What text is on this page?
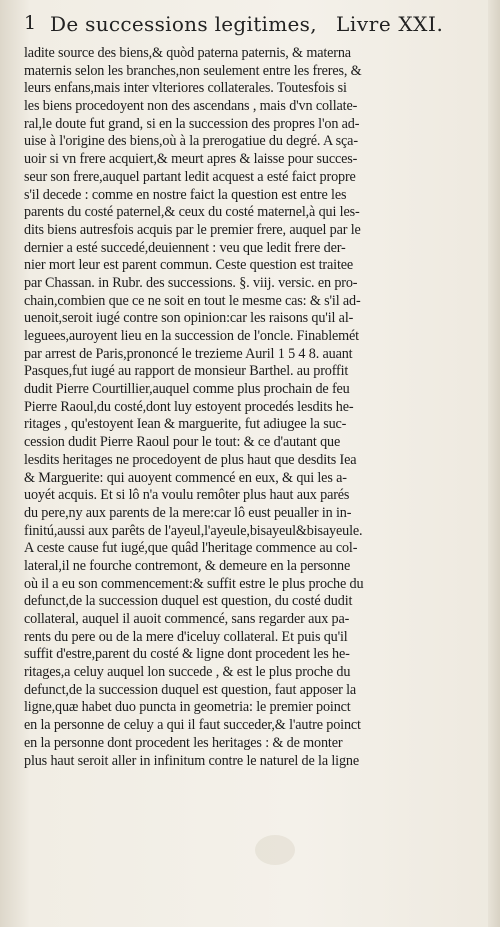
1 De successions legitimes, Livre XXI.
ladite source des biens,& quòd paterna paternis, & materna
maternis selon les branches,non seulement entre les freres, &
leurs enfans,mais inter vlteriores collaterales. Toutesfois si
les biens procedoyent non des ascendans , mais d'vn collate-
ral,le doute fut grand, si en la succession des propres l'on ad-
uise à l'origine des biens,où à la prerogatiue du degré. A sça-
uoir si vn frere acquiert,& meurt apres & laisse pour succes-
seur son frere,auquel partant ledit acquest a esté faict propre
s'il decede : comme en nostre faict la question est entre les
parents du costé paternel,& ceux du costé maternel,à qui les-
dits biens autresfois acquis par le premier frere, auquel par le
dernier a esté succedé,deuiennent : veu que ledit frere der-
nier mort leur est parent commun. Ceste question est traitee
par Chassan. in Rubr. des successions. §. viij. versic. en pro-
chain,combien que ce ne soit en tout le mesme cas: & s'il ad-
uenoit,seroit iugé contre son opinion:car les raisons qu'il al-
leguees,auroyent lieu en la succession de l'oncle. Finablemét
par arrest de Paris,prononcé le trezieme Auril 1 5 4 8. auant
Pasques,fut iugé au rapport de monsieur Barthel. au proffit
dudit Pierre Courtillier,auquel comme plus prochain de feu
Pierre Raoul,du costé,dont luy estoyent procedés lesdits he-
ritages , qu'estoyent Iean & marguerite, fut adiugee la suc-
cession dudit Pierre Raoul pour le tout: & ce d'autant que
lesdits heritages ne procedoyent de plus haut que desdits Iea
& Marguerite: qui auoyent commencé en eux, & qui les a-
uoyét acquis. Et si lô n'a voulu remôter plus haut aux parés
du pere,ny aux parents de la mere:car lô eust peualler in in-
finitú,aussi aux parêts de l'ayeul,l'ayeule,bisayeul&bisayeule.
A ceste cause fut iugé,que quâd l'heritage commence au col-
lateral,il ne fourche contremont, & demeure en la personne
où il a eu son commencement:& suffit estre le plus proche du
defunct,de la succession duquel est question, du costé dudit
collateral, auquel il auoit commencé, sans regarder aux pa-
rents du pere ou de la mere d'iceluy collateral. Et puis qu'il
suffit d'estre,parent du costé & ligne dont procedent les he-
ritages,a celuy auquel lon succede , & est le plus proche du
defunct,de la succession duquel est question, faut apposer la
ligne,quæ habet duo puncta in geometria: le premier poinct
en la personne de celuy a qui il faut succeder,& l'autre poinct
en la personne dont procedent les heritages : & de monter
plus haut seroit aller in infinitum contre le naturel de la ligne
